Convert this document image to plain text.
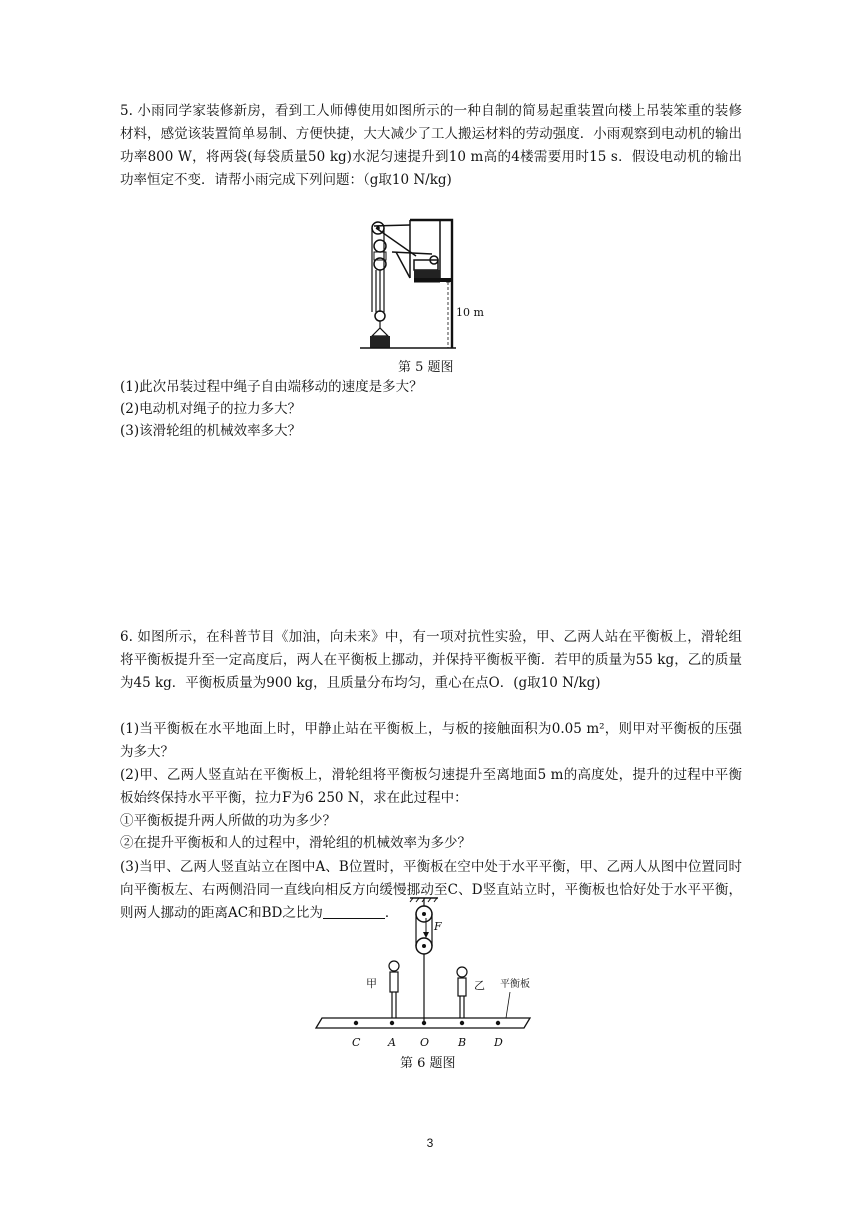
5. 小雨同学家装修新房，看到工人师傅使用如图所示的一种自制的简易起重装置向楼上吊装笨重的装修材料，感觉该装置简单易制、方便快捷，大大减少了工人搬运材料的劳动强度．小雨观察到电动机的输出功率800 W，将两袋(每袋质量50 kg)水泥匀速提升到10 m高的4楼需要用时15 s．假设电动机的输出功率恒定不变．请帮小雨完成下列问题：（g取10 N/kg)
10 m
第 5 题图
(1)此次吊装过程中绳子自由端移动的速度是多大？
(2)电动机对绳子的拉力多大？
(3)该滑轮组的机械效率多大？
6. 如图所示，在科普节目《加油，向未来》中，有一项对抗性实验，甲、乙两人站在平衡板上，滑轮组将平衡板提升至一定高度后，两人在平衡板上挪动，并保持平衡板平衡．若甲的质量为55 kg，乙的质量为45 kg．平衡板质量为900 kg，且质量分布均匀，重心在点O．(g取10 N/kg)
(1)当平衡板在水平地面上时，甲静止站在平衡板上，与板的接触面积为0.05 m²，则甲对平衡板的压强为多大？
(2)甲、乙两人竖直站在平衡板上，滑轮组将平衡板匀速提升至离地面5 m的高度处，提升的过程中平衡板始终保持水平平衡，拉力F为6 250 N，求在此过程中：
①平衡板提升两人所做的功为多少？
②在提升平衡板和人的过程中，滑轮组的机械效率为多少？
(3)当甲、乙两人竖直站立在图中A、B位置时，平衡板在空中处于水平平衡，甲、乙两人从图中位置同时向平衡板左、右两侧沿同一直线向相反方向缓慢挪动至C、D竖直站立时，平衡板也恰好处于水平平衡，则两人挪动的距离AC和BD之比为	．
F
甲	乙 平衡板
C	A O	B	D
第 6 题图
3
